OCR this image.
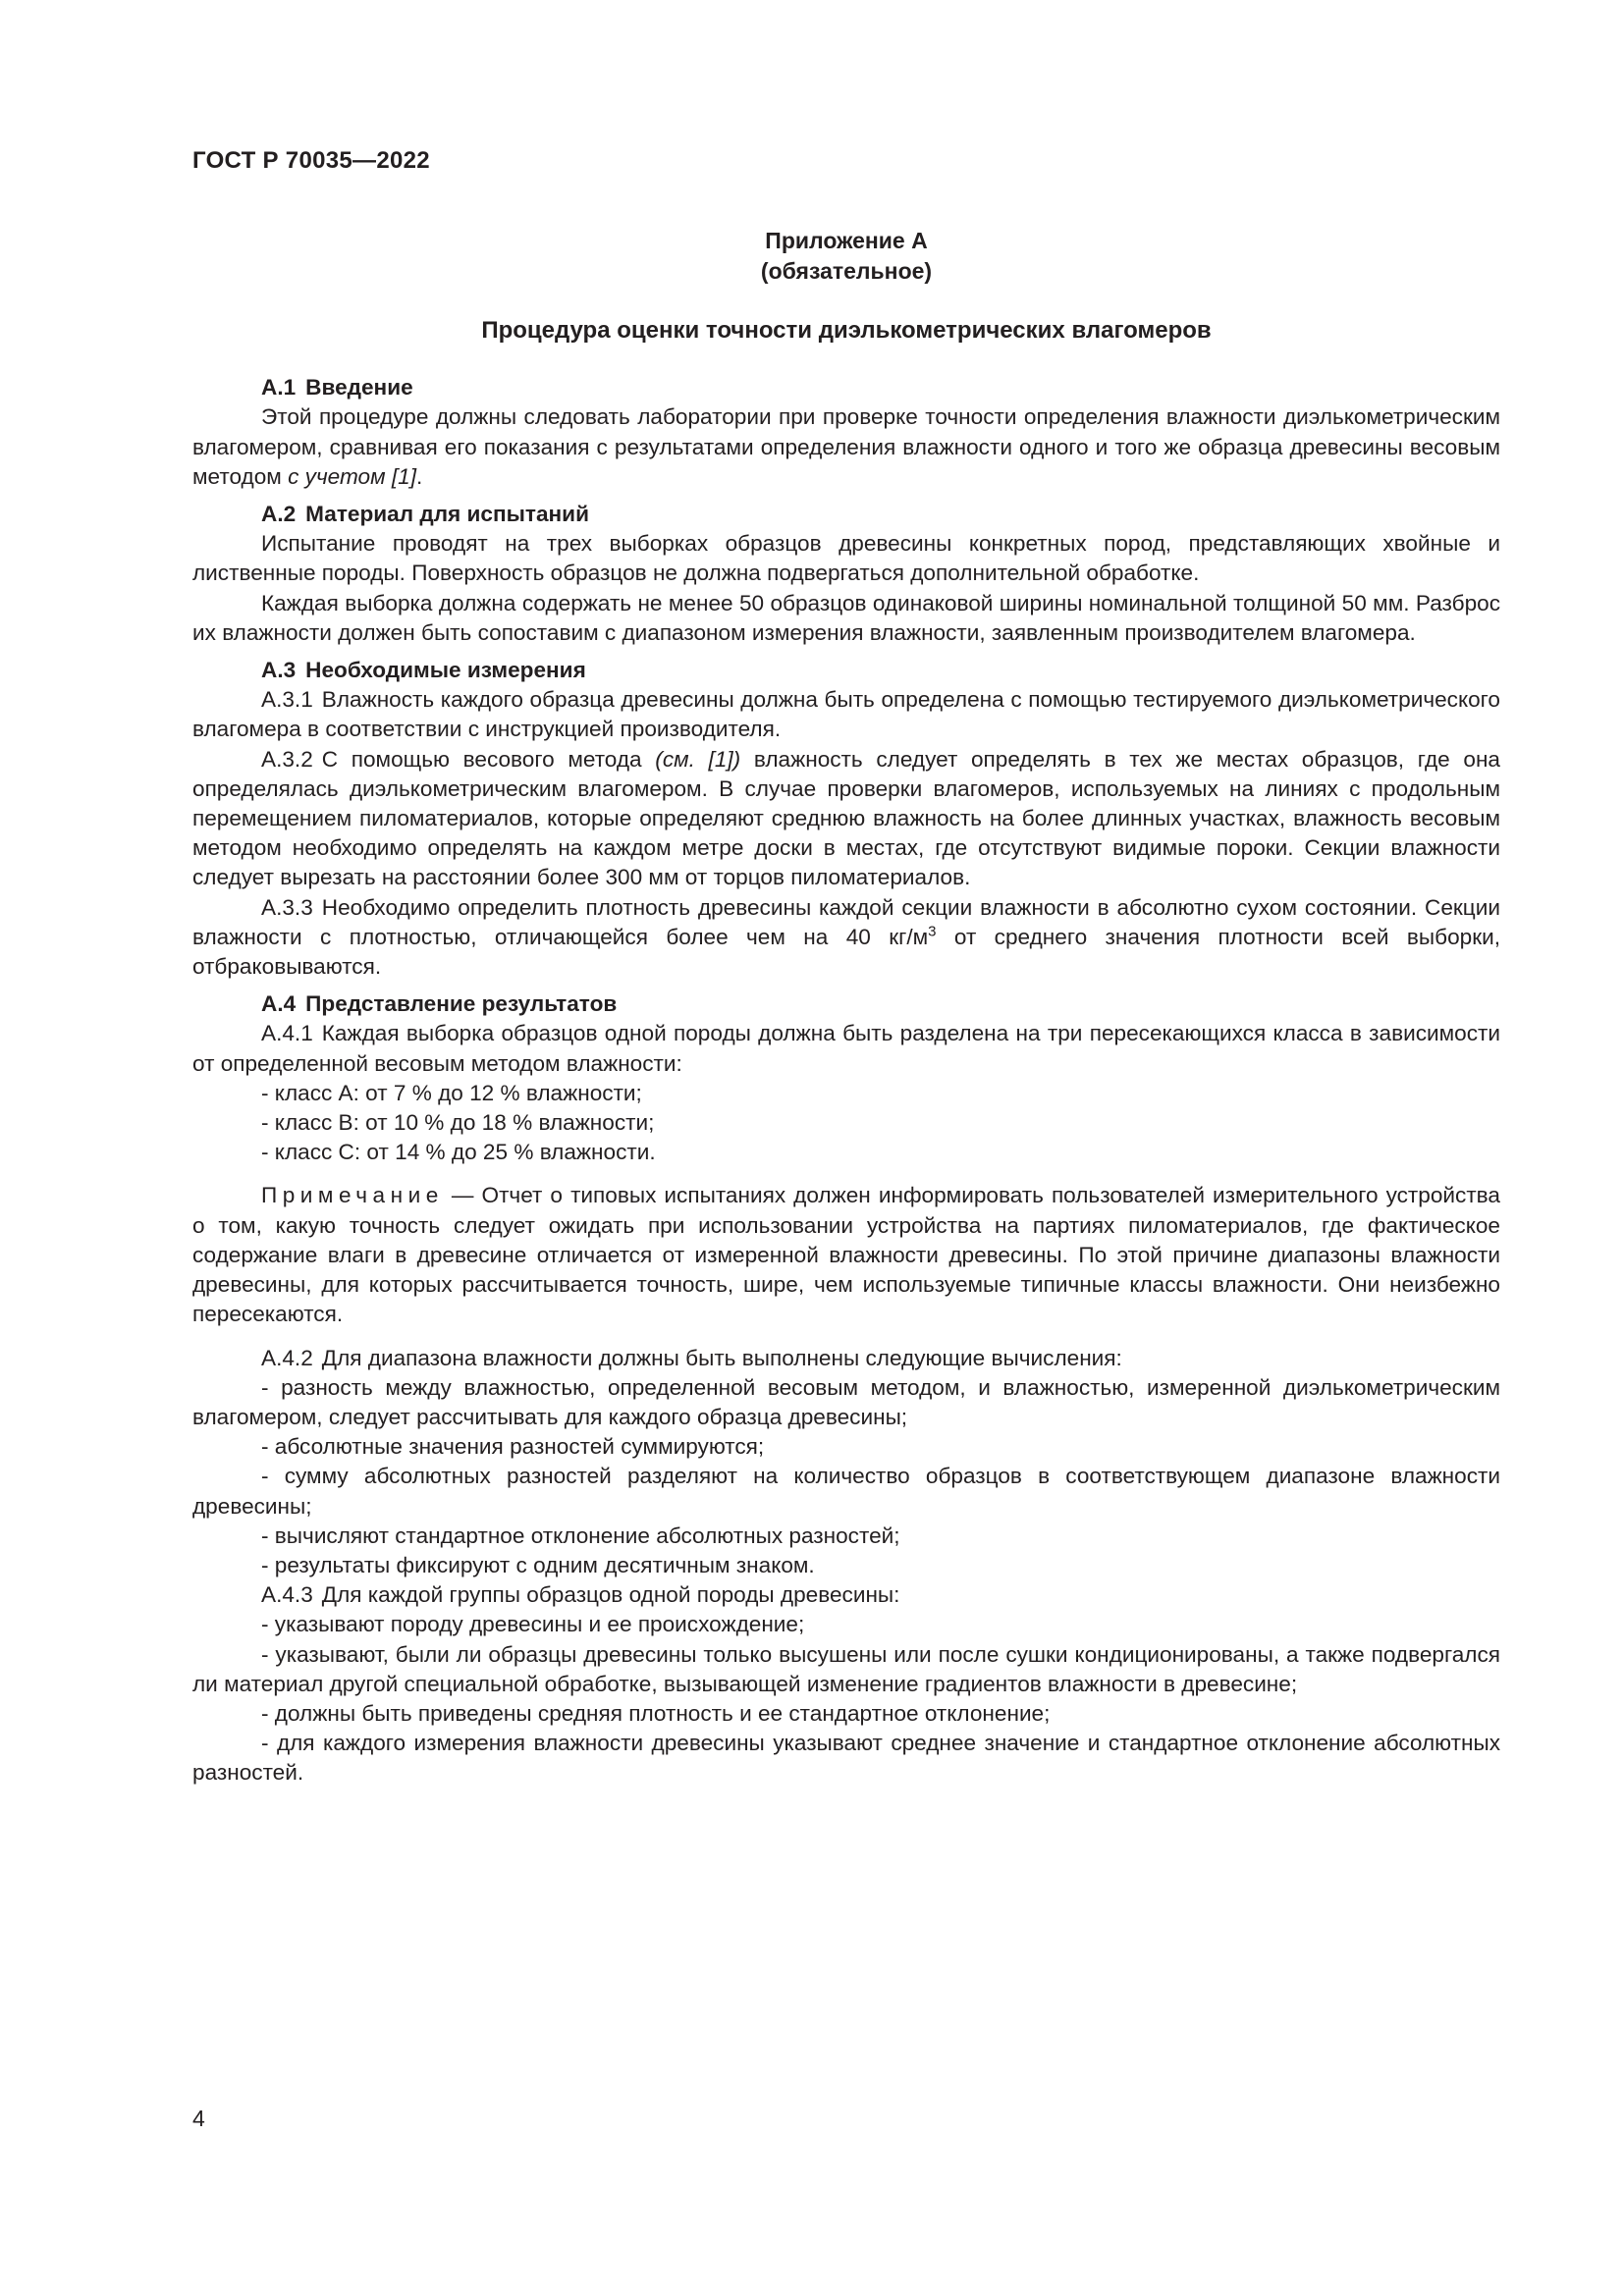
ГОСТ Р 70035—2022
Приложение А
(обязательное)
Процедура оценки точности диэлькометрических влагомеров
А.1 Введение
Этой процедуре должны следовать лаборатории при проверке точности определения влажности диэлькометрическим влагомером, сравнивая его показания с результатами определения влажности одного и того же образца древесины весовым методом с учетом [1].
А.2 Материал для испытаний
Испытание проводят на трех выборках образцов древесины конкретных пород, представляющих хвойные и лиственные породы. Поверхность образцов не должна подвергаться дополнительной обработке.
Каждая выборка должна содержать не менее 50 образцов одинаковой ширины номинальной толщиной 50 мм. Разброс их влажности должен быть сопоставим с диапазоном измерения влажности, заявленным производителем влагомера.
А.3 Необходимые измерения
А.3.1 Влажность каждого образца древесины должна быть определена с помощью тестируемого диэлькометрического влагомера в соответствии с инструкцией производителя.
А.3.2 С помощью весового метода (см. [1]) влажность следует определять в тех же местах образцов, где она определялась диэлькометрическим влагомером. В случае проверки влагомеров, используемых на линиях с продольным перемещением пиломатериалов, которые определяют среднюю влажность на более длинных участках, влажность весовым методом необходимо определять на каждом метре доски в местах, где отсутствуют видимые пороки. Секции влажности следует вырезать на расстоянии более 300 мм от торцов пиломатериалов.
А.3.3 Необходимо определить плотность древесины каждой секции влажности в абсолютно сухом состоянии. Секции влажности с плотностью, отличающейся более чем на 40 $кг/м^3$ от среднего значения плотности всей выборки, отбраковываются.
А.4 Представление результатов
А.4.1 Каждая выборка образцов одной породы должна быть разделена на три пересекающихся класса в зависимости от определенной весовым методом влажности:
- класс А: от 7 % до 12 % влажности;
- класс В: от 10 % до 18 % влажности;
- класс С: от 14 % до 25 % влажности.
Примечание — Отчет о типовых испытаниях должен информировать пользователей измерительного устройства о том, какую точность следует ожидать при использовании устройства на партиях пиломатериалов, где фактическое содержание влаги в древесине отличается от измеренной влажности древесины. По этой причине диапазоны влажности древесины, для которых рассчитывается точность, шире, чем используемые типичные классы влажности. Они неизбежно пересекаются.
А.4.2 Для диапазона влажности должны быть выполнены следующие вычисления:
- разность между влажностью, определенной весовым методом, и влажностью, измеренной диэлькометрическим влагомером, следует рассчитывать для каждого образца древесины;
- абсолютные значения разностей суммируются;
- сумму абсолютных разностей разделяют на количество образцов в соответствующем диапазоне влажности древесины;
- вычисляют стандартное отклонение абсолютных разностей;
- результаты фиксируют с одним десятичным знаком.
А.4.3 Для каждой группы образцов одной породы древесины:
- указывают породу древесины и ее происхождение;
- указывают, были ли образцы древесины только высушены или после сушки кондиционированы, а также подвергался ли материал другой специальной обработке, вызывающей изменение градиентов влажности в древесине;
- должны быть приведены средняя плотность и ее стандартное отклонение;
- для каждого измерения влажности древесины указывают среднее значение и стандартное отклонение абсолютных разностей.
4
